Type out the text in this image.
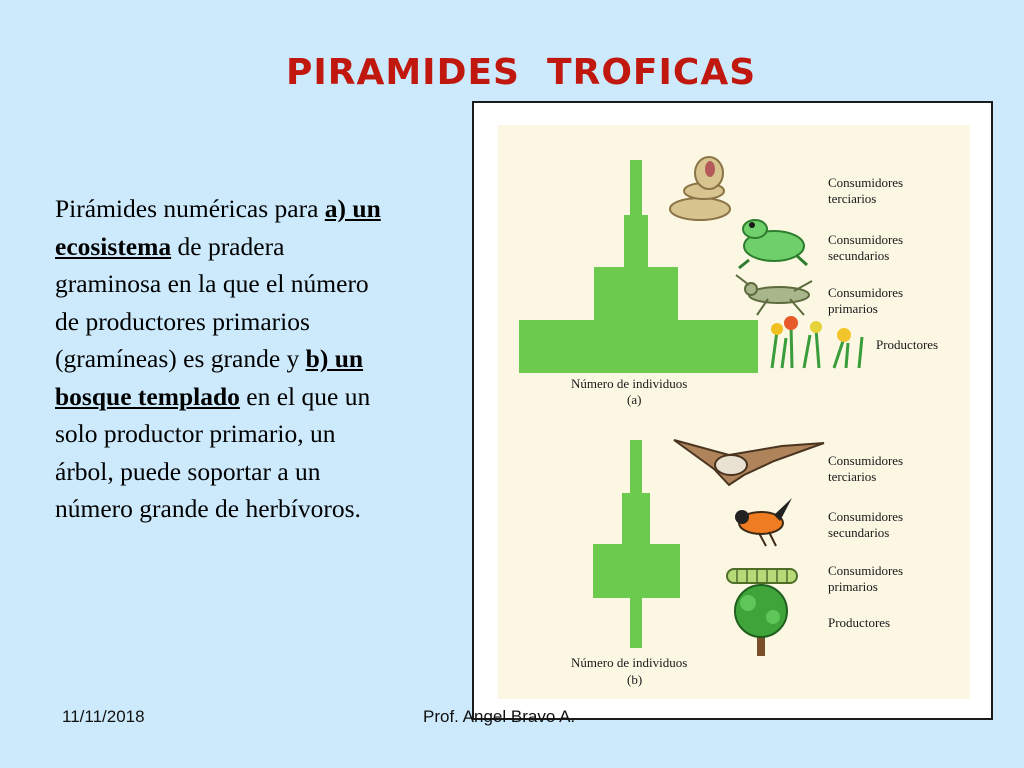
PIRAMIDES  TROFICAS
Pirámides numéricas para a) un ecosistema de pradera graminosa en la que el número de productores primarios (gramíneas) es grande y b) un bosque templado en el que un solo productor primario, un árbol, puede soportar a un número grande de herbívoros.
Consumidores terciarios
Consumidores secundarios
Consumidores primarios
Productores
Número de individuos
(a)
Consumidores terciarios
Consumidores secundarios
Consumidores primarios
Productores
Número de individuos
(b)
11/11/2018	Prof. Angel Bravo A.
